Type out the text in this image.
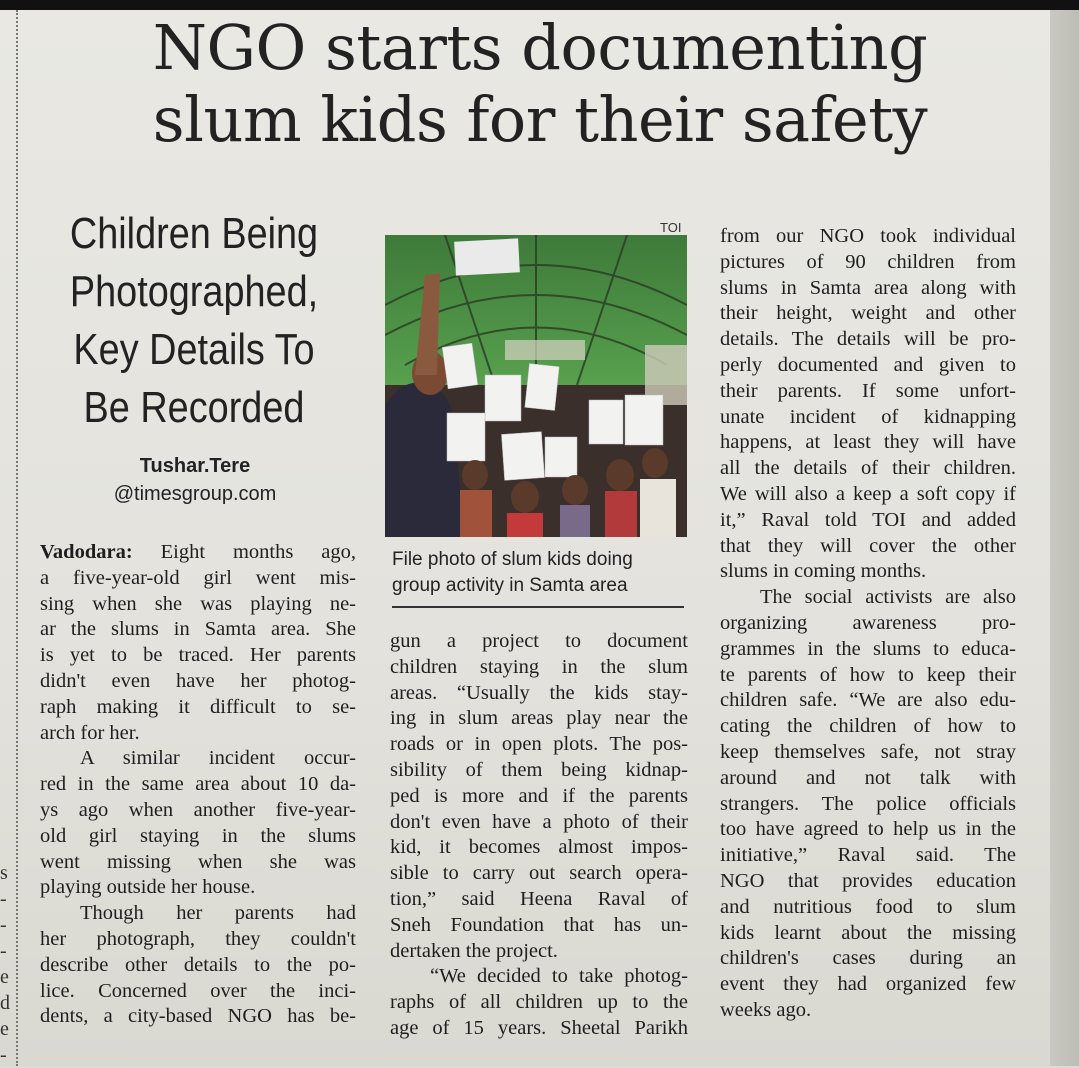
s
-
-
-
e
d
e
-
NGO starts documenting
slum kids for their safety
Children Being
Photographed,
Key Details To
Be Recorded
Tushar.Tere
@timesgroup.com
TOI
File photo of slum kids doing
group activity in Samta area
Vadodara: Eight months ago,
a five-year-old girl went mis-
sing when she was playing ne-
ar the slums in Samta area. She
is yet to be traced. Her parents
didn't even have her photog-
raph making it difficult to se-
arch for her.
A similar incident occur-
red in the same area about 10 da-
ys ago when another five-year-
old girl staying in the slums
went missing when she was
playing outside her house.
Though her parents had
her photograph, they couldn't
describe other details to the po-
lice. Concerned over the inci-
dents, a city-based NGO has be-
gun a project to document
children staying in the slum
areas. “Usually the kids stay-
ing in slum areas play near the
roads or in open plots. The pos-
sibility of them being kidnap-
ped is more and if the parents
don't even have a photo of their
kid, it becomes almost impos-
sible to carry out search opera-
tion,” said Heena Raval of
Sneh Foundation that has un-
dertaken the project.
“We decided to take photog-
raphs of all children up to the
age of 15 years. Sheetal Parikh
from our NGO took individual
pictures of 90 children from
slums in Samta area along with
their height, weight and other
details. The details will be pro-
perly documented and given to
their parents. If some unfort-
unate incident of kidnapping
happens, at least they will have
all the details of their children.
We will also a keep a soft copy if
it,” Raval told TOI and added
that they will cover the other
slums in coming months.
The social activists are also
organizing awareness pro-
grammes in the slums to educa-
te parents of how to keep their
children safe. “We are also edu-
cating the children of how to
keep themselves safe, not stray
around and not talk with
strangers. The police officials
too have agreed to help us in the
initiative,” Raval said. The
NGO that provides education
and nutritious food to slum
kids learnt about the missing
children's cases during an
event they had organized few
weeks ago.
